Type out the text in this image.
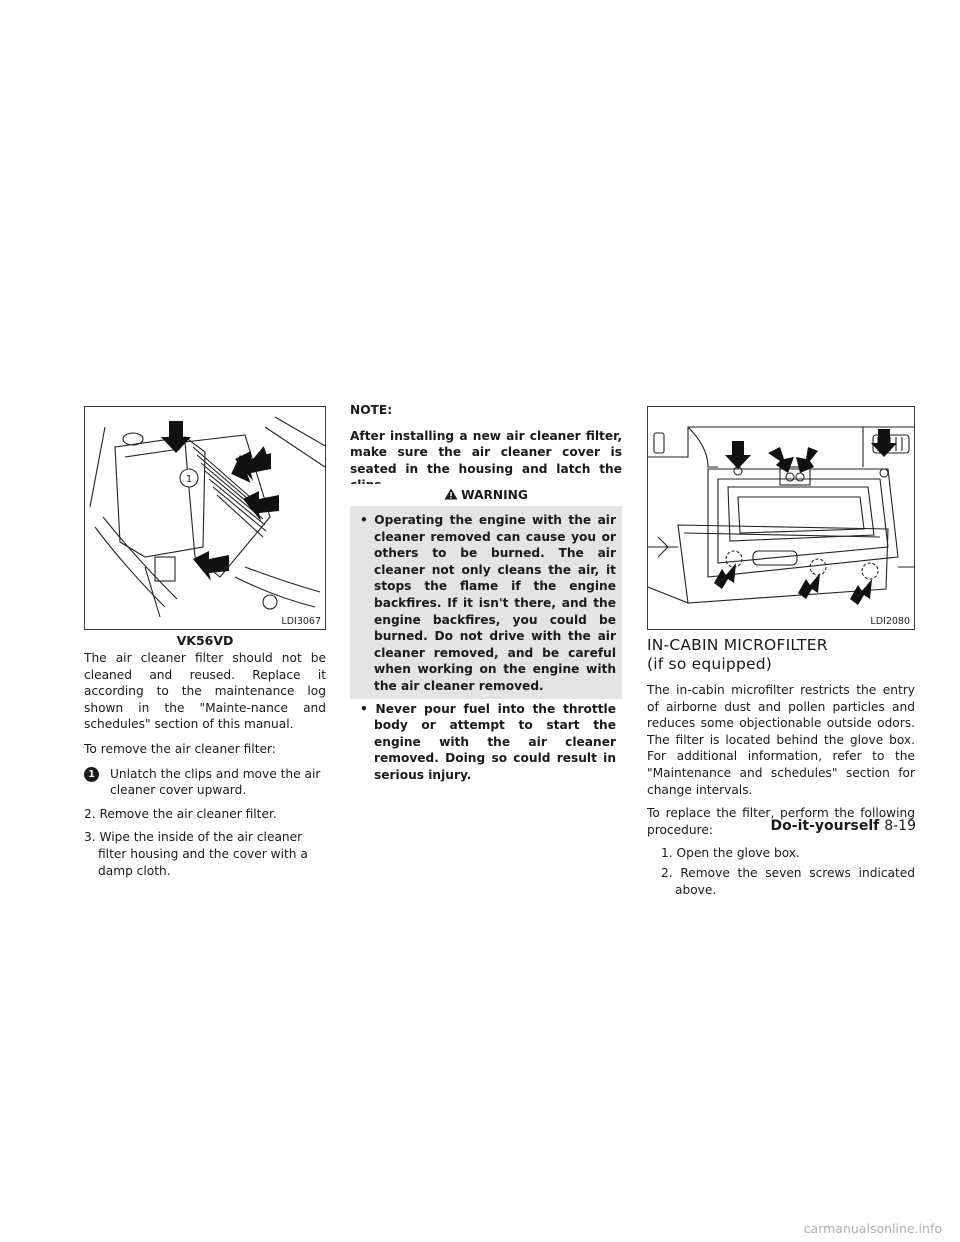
1
LDI3067
VK56VD

The air cleaner filter should not be cleaned and reused. Replace it according to the maintenance log shown in the "Mainte-nance and schedules" section of this manual.

To remove the air cleaner filter:

1	Unlatch the clips and move the air cleaner cover upward.
2. Remove the air cleaner filter.
3. Wipe the inside of the air cleaner filter housing and the cover with a damp cloth.

NOTE:

After installing a new air cleaner filter, make sure the air cleaner cover is seated in the housing and latch the

WARNING
• Operating the engine with the air cleaner removed can cause you or others to be burned. The air cleaner not only cleans the air, it stops the flame if the engine backfires. If it isn't there, and the engine backfires, you could be burned. Do not drive with the air cleaner removed, and be careful when working on the engine with the air cleaner removed.
• Never pour fuel into the throttle body or attempt to start the engine with the air cleaner removed. Doing so could result in serious injury.
LDI2080
IN-CABIN MICROFILTER
(if so equipped)

The in-cabin microfilter restricts the entry of airborne dust and pollen particles and reduces some objectionable outside odors. The filter is located behind the glove box. For additional information, refer to the "Maintenance and schedules" section for change intervals.

To replace the filter, perform the following procedure:

1. Open the glove box.
2. Remove the seven screws indicated above.
Do-it-yourself 8-19
carmanualsonline.info
